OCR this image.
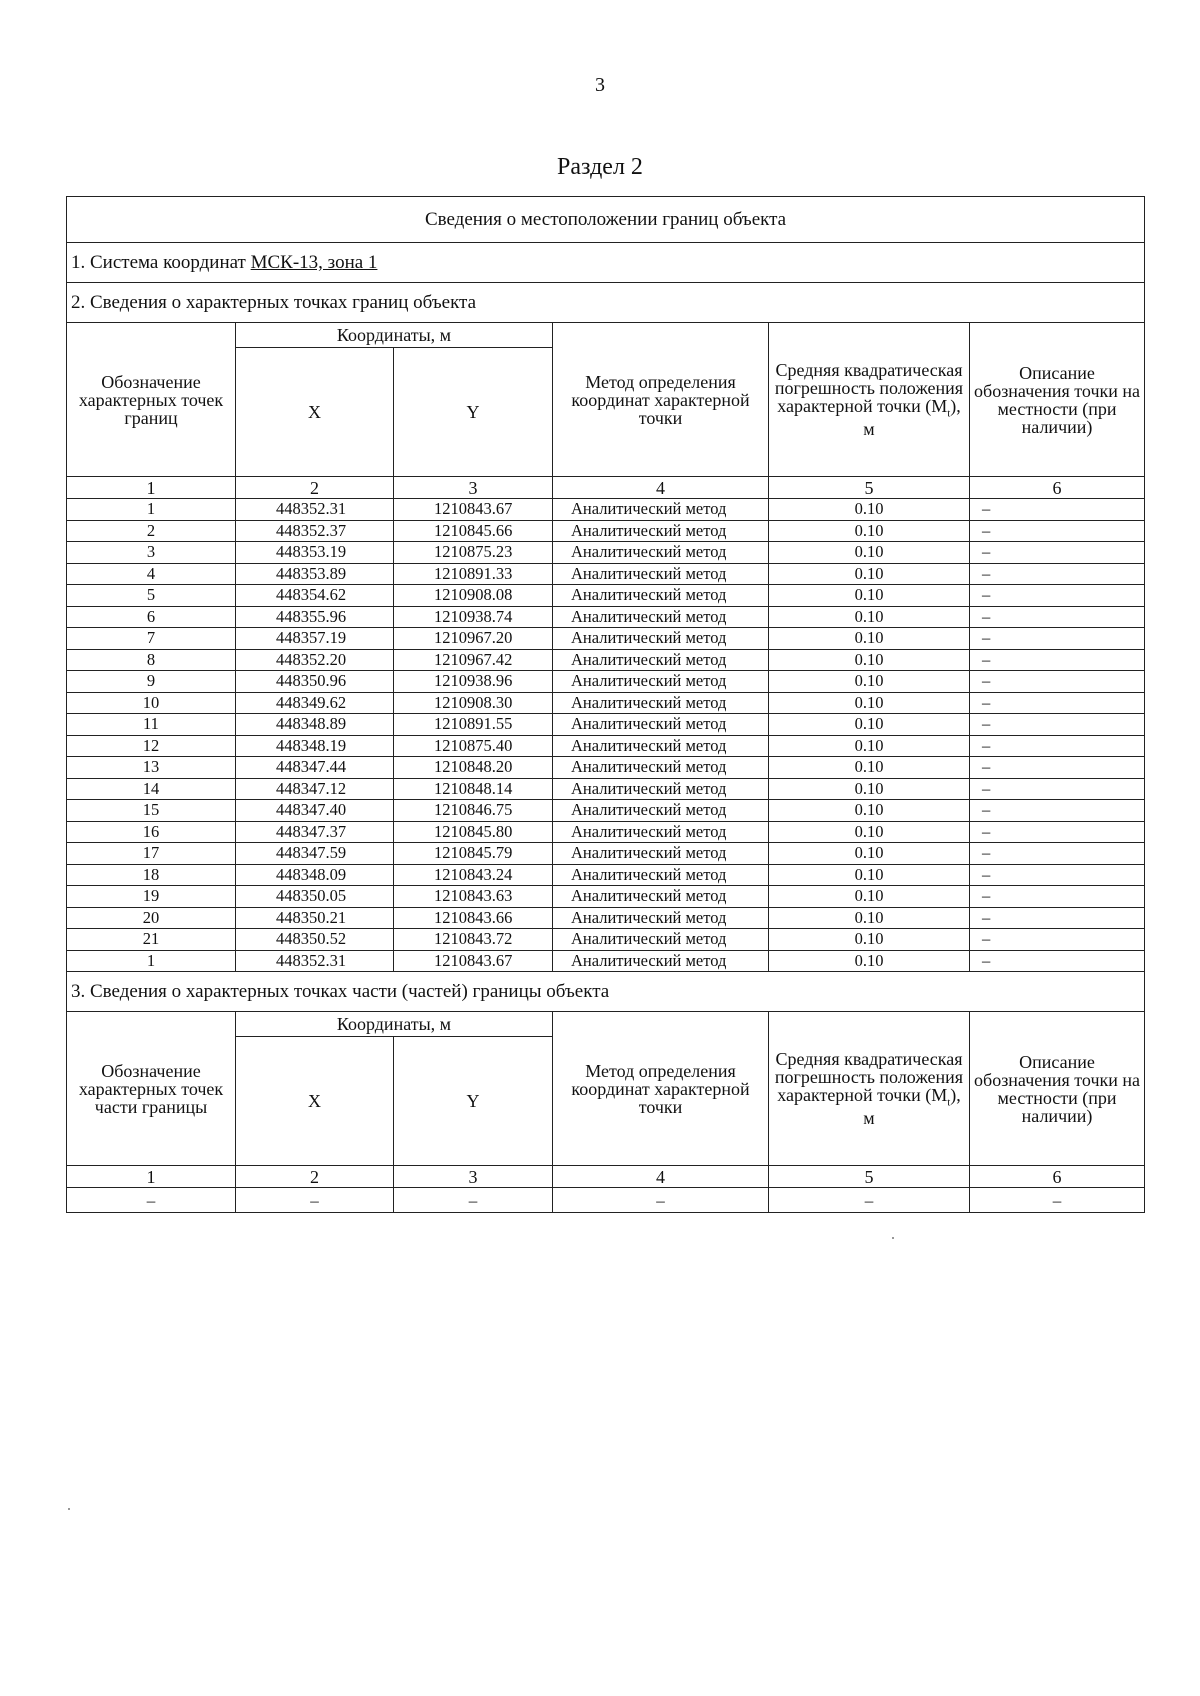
3
Раздел 2
Сведения о местоположении границ объекта					
1. Система координат МСК-13, зона 1					
2. Сведения о характерных точках границ объекта					
Обозначение характерных точек границ	Координаты, м		Метод определения координат характерной точки	Средняя квадратическая погрешность положения характерной точки $(M_t)$, м	Описание обозначения точки на местности (при наличии)
	X	Y			
1	2	3	4	5	6
1	448352.31	1210843.67	Аналитический метод	0.10	–
2	448352.37	1210845.66	Аналитический метод	0.10	–
3	448353.19	1210875.23	Аналитический метод	0.10	–
4	448353.89	1210891.33	Аналитический метод	0.10	–
5	448354.62	1210908.08	Аналитический метод	0.10	–
6	448355.96	1210938.74	Аналитический метод	0.10	–
7	448357.19	1210967.20	Аналитический метод	0.10	–
8	448352.20	1210967.42	Аналитический метод	0.10	–
9	448350.96	1210938.96	Аналитический метод	0.10	–
10	448349.62	1210908.30	Аналитический метод	0.10	–
11	448348.89	1210891.55	Аналитический метод	0.10	–
12	448348.19	1210875.40	Аналитический метод	0.10	–
13	448347.44	1210848.20	Аналитический метод	0.10	–
14	448347.12	1210848.14	Аналитический метод	0.10	–
15	448347.40	1210846.75	Аналитический метод	0.10	–
16	448347.37	1210845.80	Аналитический метод	0.10	–
17	448347.59	1210845.79	Аналитический метод	0.10	–
18	448348.09	1210843.24	Аналитический метод	0.10	–
19	448350.05	1210843.63	Аналитический метод	0.10	–
20	448350.21	1210843.66	Аналитический метод	0.10	–
21	448350.52	1210843.72	Аналитический метод	0.10	–
1	448352.31	1210843.67	Аналитический метод	0.10	–
3. Сведения о характерных точках части (частей) границы объекта					
Обозначение характерных точек части границы	Координаты, м		Метод определения координат характерной точки	Средняя квадратическая погрешность положения характерной точки $(M_t)$, м	Описание обозначения точки на местности (при наличии)
	X	Y			
1	2	3	4	5	6
–	–	–	–	–	–
